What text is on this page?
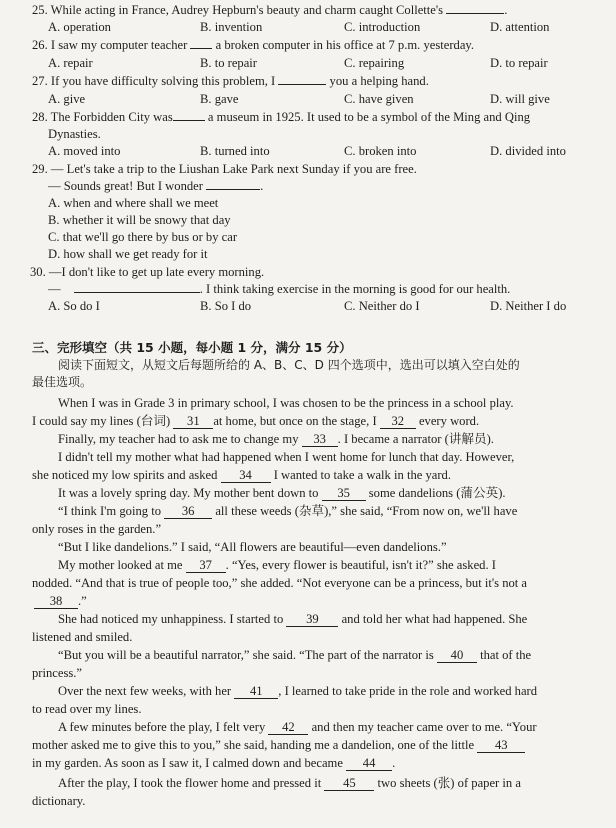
25. While acting in France, Audrey Hepburn's beauty and charm caught Collette's	.
A. operation	B. invention	C. introduction	D. attention
26. I saw my computer teacher a broken computer in his office at 7 p.m. yesterday.
A. repair	B. to repair	C. repairing	D. to repair
27. If you have difficulty solving this problem, I	you a helping hand.
A. give	B. gave	C. have given	D. will give
28. The Forbidden City was	a museum in 1925. It used to be a symbol of the Ming and Qing
Dynasties.
A. moved into	B. turned into	C. broken into	D. divided into
29. — Let's take a trip to the Liushan Lake Park next Sunday if you are free.
— Sounds great! But I wonder	.
A. when and where shall we meet
B. whether it will be snowy that day
C. that we'll go there by bus or by car
D. how shall we get ready for it
30. —I don't like to get up late every morning.
—	. I think taking exercise in the morning is good for our health.
A. So do I	B. So I do	C. Neither do I	D. Neither I do
三、完形填空（共 15 小题，每小题 1 分，满分 15 分）
阅读下面短文，从短文后每题所给的 A、B、C、D 四个选项中，选出可以填入空白处的
最佳选项。
When I was in Grade 3 in primary school, I was chosen to be the princess in a school play.
I could say my lines (台词) 31 at home, but once on the stage, I 32 every word.
Finally, my teacher had to ask me to change my 33 . I became a narrator (讲解员).
I didn't tell my mother what had happened when I went home for lunch that day. However,
she noticed my low spirits and asked 34 I wanted to take a walk in the yard.
It was a lovely spring day. My mother bent down to 35 some dandelions (蒲公英).
“I think I'm going to 36 all these weeds (杂草),” she said, “From now on, we'll have
only roses in the garden.”
“But I like dandelions.” I said, “All flowers are beautiful—even dandelions.”
My mother looked at me 37 . “Yes, every flower is beautiful, isn't it?” she asked. I
nodded. “And that is true of people too,” she added. “Not everyone can be a princess, but it's not a
38 .”
She had noticed my unhappiness. I started to 39 and told her what had happened. She
listened and smiled.
“But you will be a beautiful narrator,” she said. “The part of the narrator is 40 that of the
princess.”
Over the next few weeks, with her 41 , I learned to take pride in the role and worked hard
to read over my lines.
A few minutes before the play, I felt very 42 and then my teacher came over to me. “Your
mother asked me to give this to you,” she said, handing me a dandelion, one of the little 43
in my garden. As soon as I saw it, I calmed down and became 44 .
After the play, I took the flower home and pressed it 45 two sheets (张) of paper in a
dictionary.
